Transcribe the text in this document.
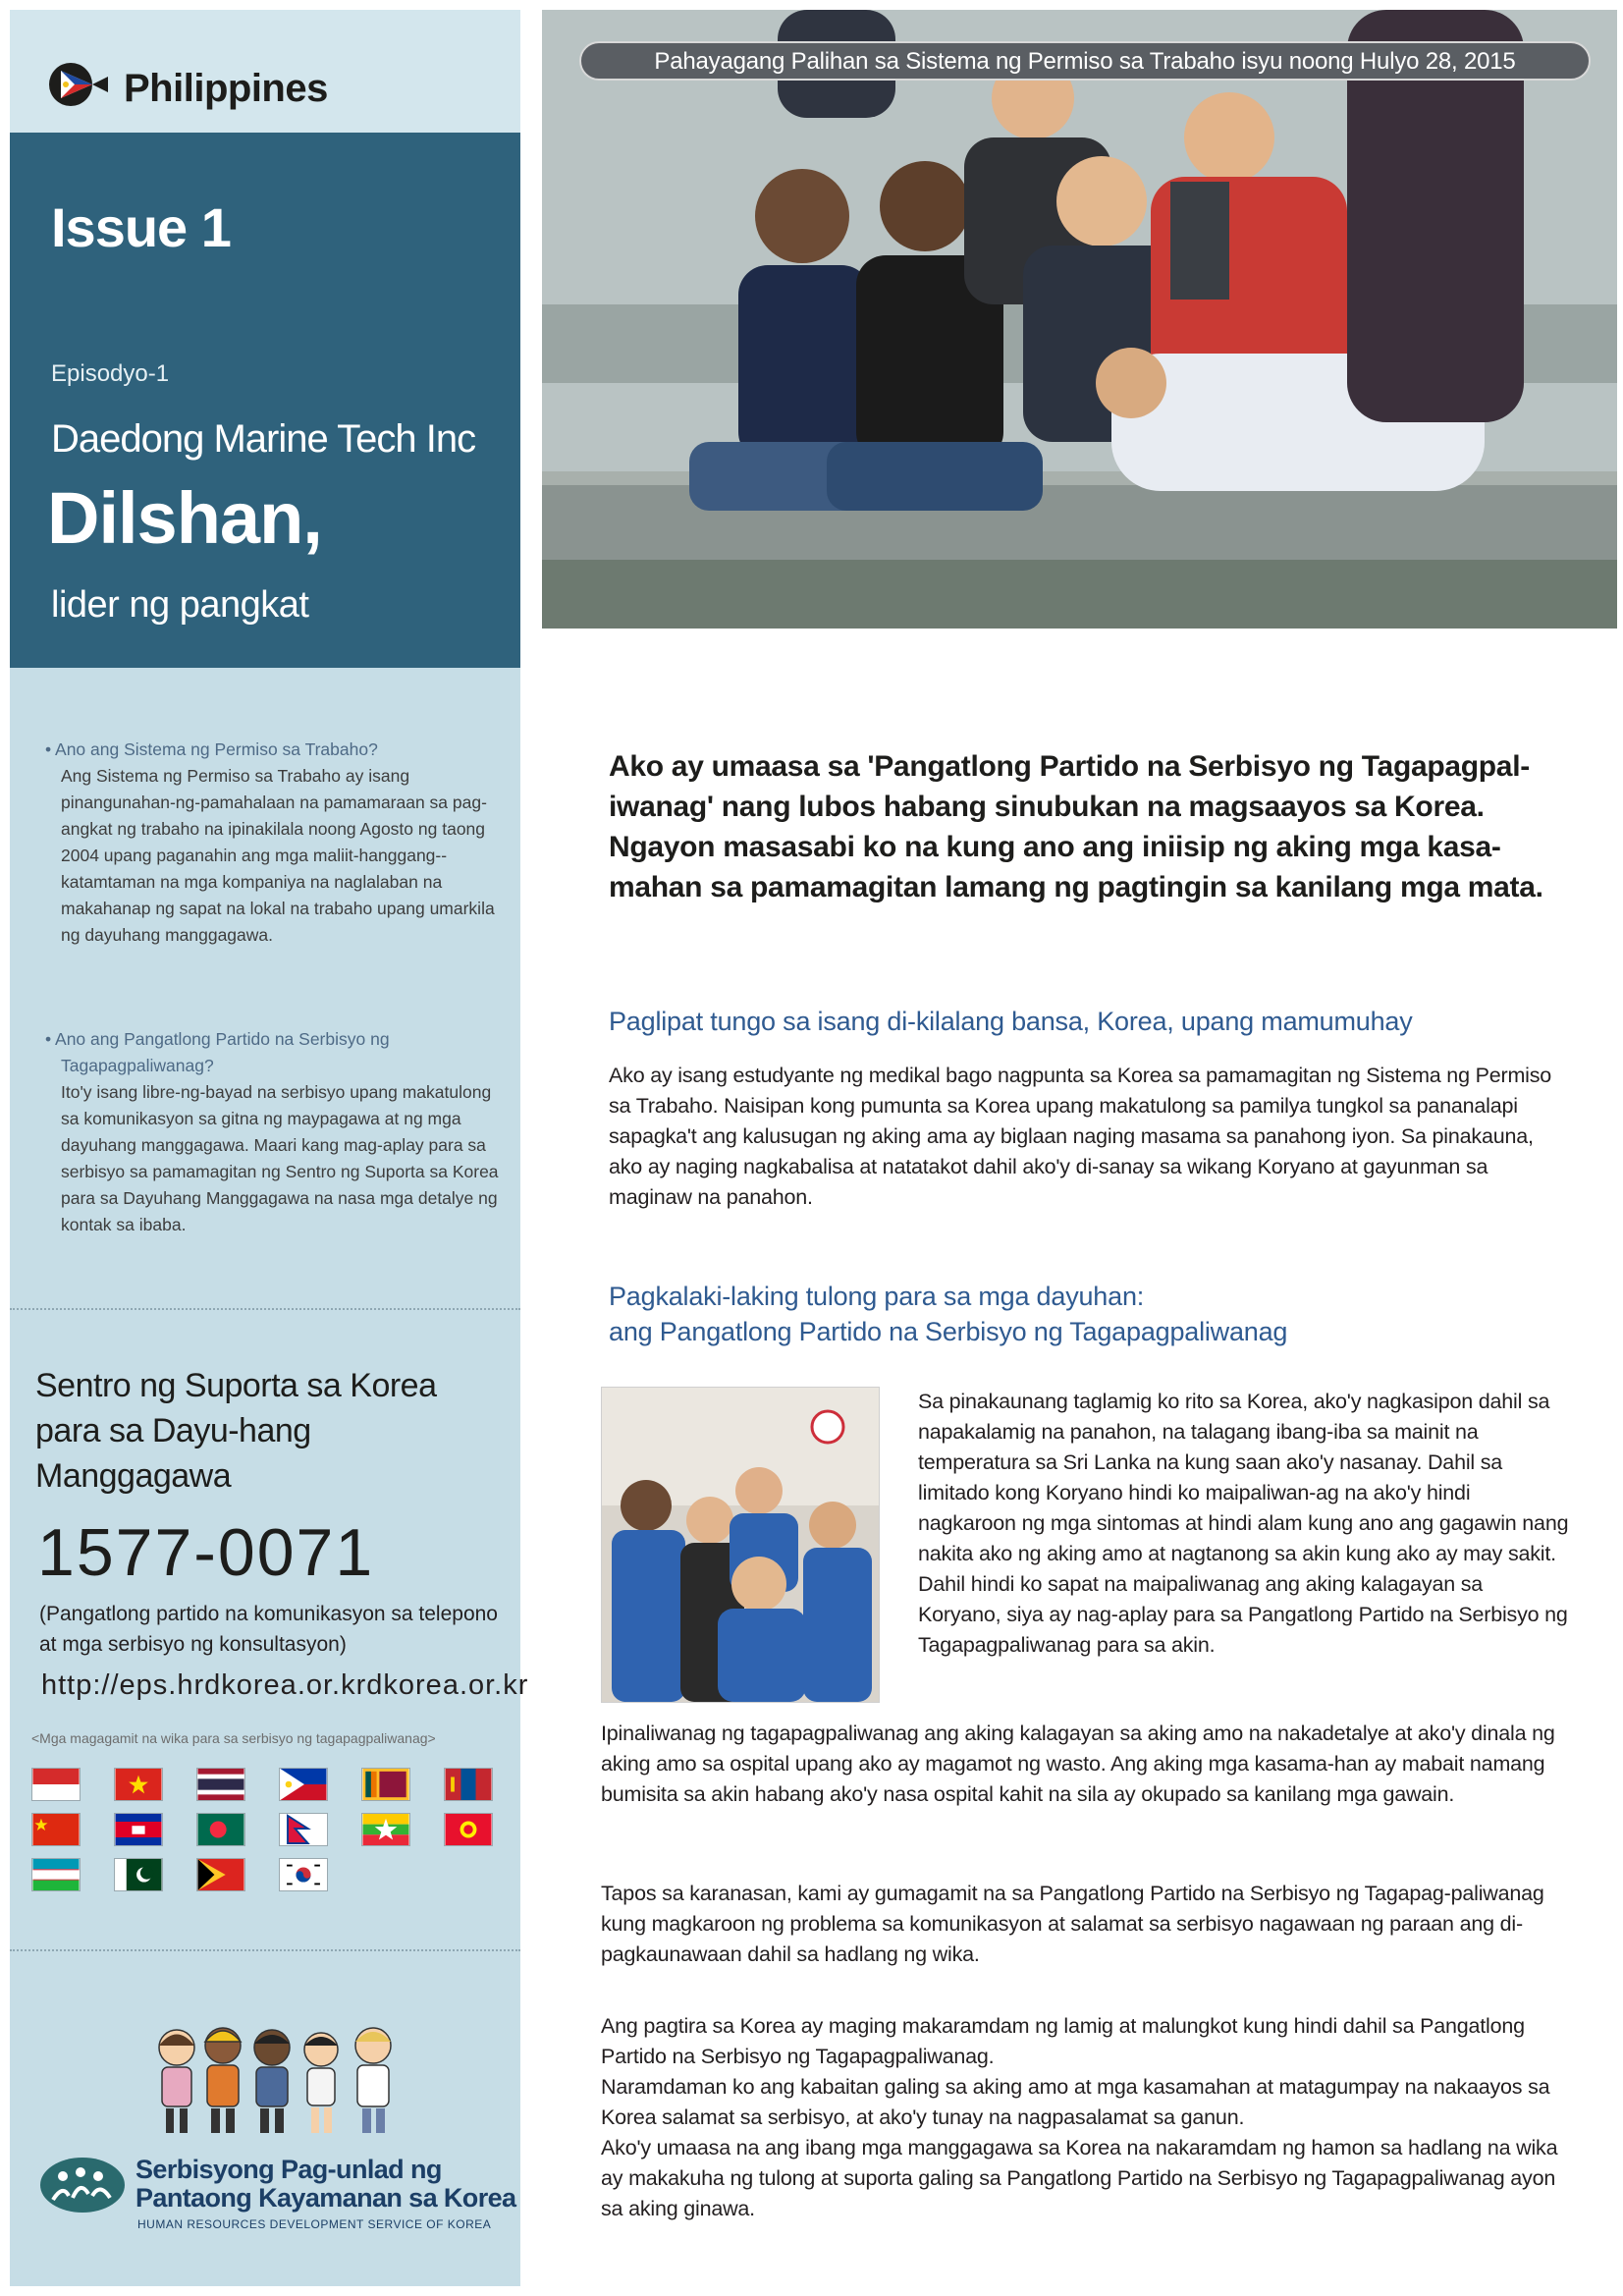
Philippines
Issue 1
Episodyo-1
Daedong Marine Tech Inc
Dilshan,
lider ng pangkat
• Ano ang Sistema ng Permiso sa Trabaho?
Ang Sistema ng Permiso sa Trabaho ay isang pinangunahan-ng-pamahalaan na pamamaraan sa pag-angkat ng trabaho na ipinakilala noong Agosto ng taong 2004 upang paganahin ang mga maliit-hanggang--katamtaman na mga kompaniya na naglalaban na makahanap ng sapat na lokal na trabaho upang umarkila ng dayuhang manggagawa.
• Ano ang Pangatlong Partido na Serbisyo ng Tagapagpaliwanag?
Ito'y isang libre-ng-bayad na serbisyo upang makatulong sa komunikasyon sa gitna ng maypagawa at ng mga dayuhang manggagawa. Maari kang mag-aplay para sa serbisyo sa pamamagitan ng Sentro ng Suporta sa Korea para sa Dayuhang Manggagawa na nasa mga detalye ng kontak sa ibaba.
Sentro ng Suporta sa Korea para sa Dayu-hang Manggagawa
1577-0071
(Pangatlong partido na komunikasyon sa telepono at mga serbisyo ng konsultasyon)
http://eps.hrdkorea.or.krdkorea.or.kr
<Mga magagamit na wika para sa serbisyo ng tagapagpaliwanag>
Serbisyong Pag-unlad ng
Pantaong Kayamanan sa Korea
HUMAN RESOURCES DEVELOPMENT SERVICE OF KOREA
Pahayagang Palihan sa Sistema ng Permiso sa Trabaho isyu noong Hulyo 28, 2015
Ako ay umaasa sa 'Pangatlong Partido na Serbisyo ng Tagapagpal-iwanag' nang lubos habang sinubukan na magsaayos sa Korea. Ngayon masasabi ko na kung ano ang iniisip ng aking mga kasa-mahan sa pamamagitan lamang ng pagtingin sa kanilang mga mata.
Paglipat tungo sa isang di-kilalang bansa, Korea, upang mamumuhay
Ako ay isang estudyante ng medikal bago nagpunta sa Korea sa pamamagitan ng Sistema ng Permiso sa Trabaho. Naisipan kong pumunta sa Korea upang makatulong sa pamilya tungkol sa pananalapi sapagka't ang kalusugan ng aking ama ay biglaan naging masama sa panahong iyon. Sa pinakauna, ako ay naging nagkabalisa at natatakot dahil ako'y di-sanay sa wikang Koryano at gayunman sa maginaw na panahon.
Pagkalaki-laking tulong para sa mga dayuhan:
ang Pangatlong Partido na Serbisyo ng Tagapagpaliwanag
Sa pinakaunang taglamig ko rito sa Korea, ako'y nagkasipon dahil sa napakalamig na panahon, na talagang ibang-iba sa mainit na temperatura sa Sri Lanka na kung saan ako'y nasanay. Dahil sa limitado kong Koryano hindi ko maipaliwan-ag na ako'y hindi nagkaroon ng mga sintomas at hindi alam kung ano ang gagawin nang nakita ako ng aking amo at nagtanong sa akin kung ako ay may sakit. Dahil hindi ko sapat na maipaliwanag ang aking kalagayan sa Koryano, siya ay nag-aplay para sa Pangatlong Partido na Serbisyo ng Tagapagpaliwanag para sa akin.
Ipinaliwanag ng tagapagpaliwanag ang aking kalagayan sa aking amo na nakadetalye at ako'y dinala ng aking amo sa ospital upang ako ay magamot ng wasto. Ang aking mga kasama-han ay mabait namang bumisita sa akin habang ako'y nasa ospital kahit na sila ay okupado sa kanilang mga gawain.
Tapos sa karanasan, kami ay gumagamit na sa Pangatlong Partido na Serbisyo ng Tagapag-paliwanag kung magkaroon ng problema sa komunikasyon at salamat sa serbisyo nagawaan ng paraan ang di-pagkaunawaan dahil sa hadlang ng wika.
Ang pagtira sa Korea ay maging makaramdam ng lamig at malungkot kung hindi dahil sa Pangatlong Partido na Serbisyo ng Tagapagpaliwanag.
Naramdaman ko ang kabaitan galing sa aking amo at mga kasamahan at matagumpay na nakaayos sa Korea salamat sa serbisyo, at ako'y tunay na nagpasalamat sa ganun.
Ako'y umaasa na ang ibang mga manggagawa sa Korea na nakaramdam ng hamon sa hadlang na wika ay makakuha ng tulong at suporta galing sa Pangatlong Partido na Serbisyo ng Tagapagpaliwanag ayon sa aking ginawa.
